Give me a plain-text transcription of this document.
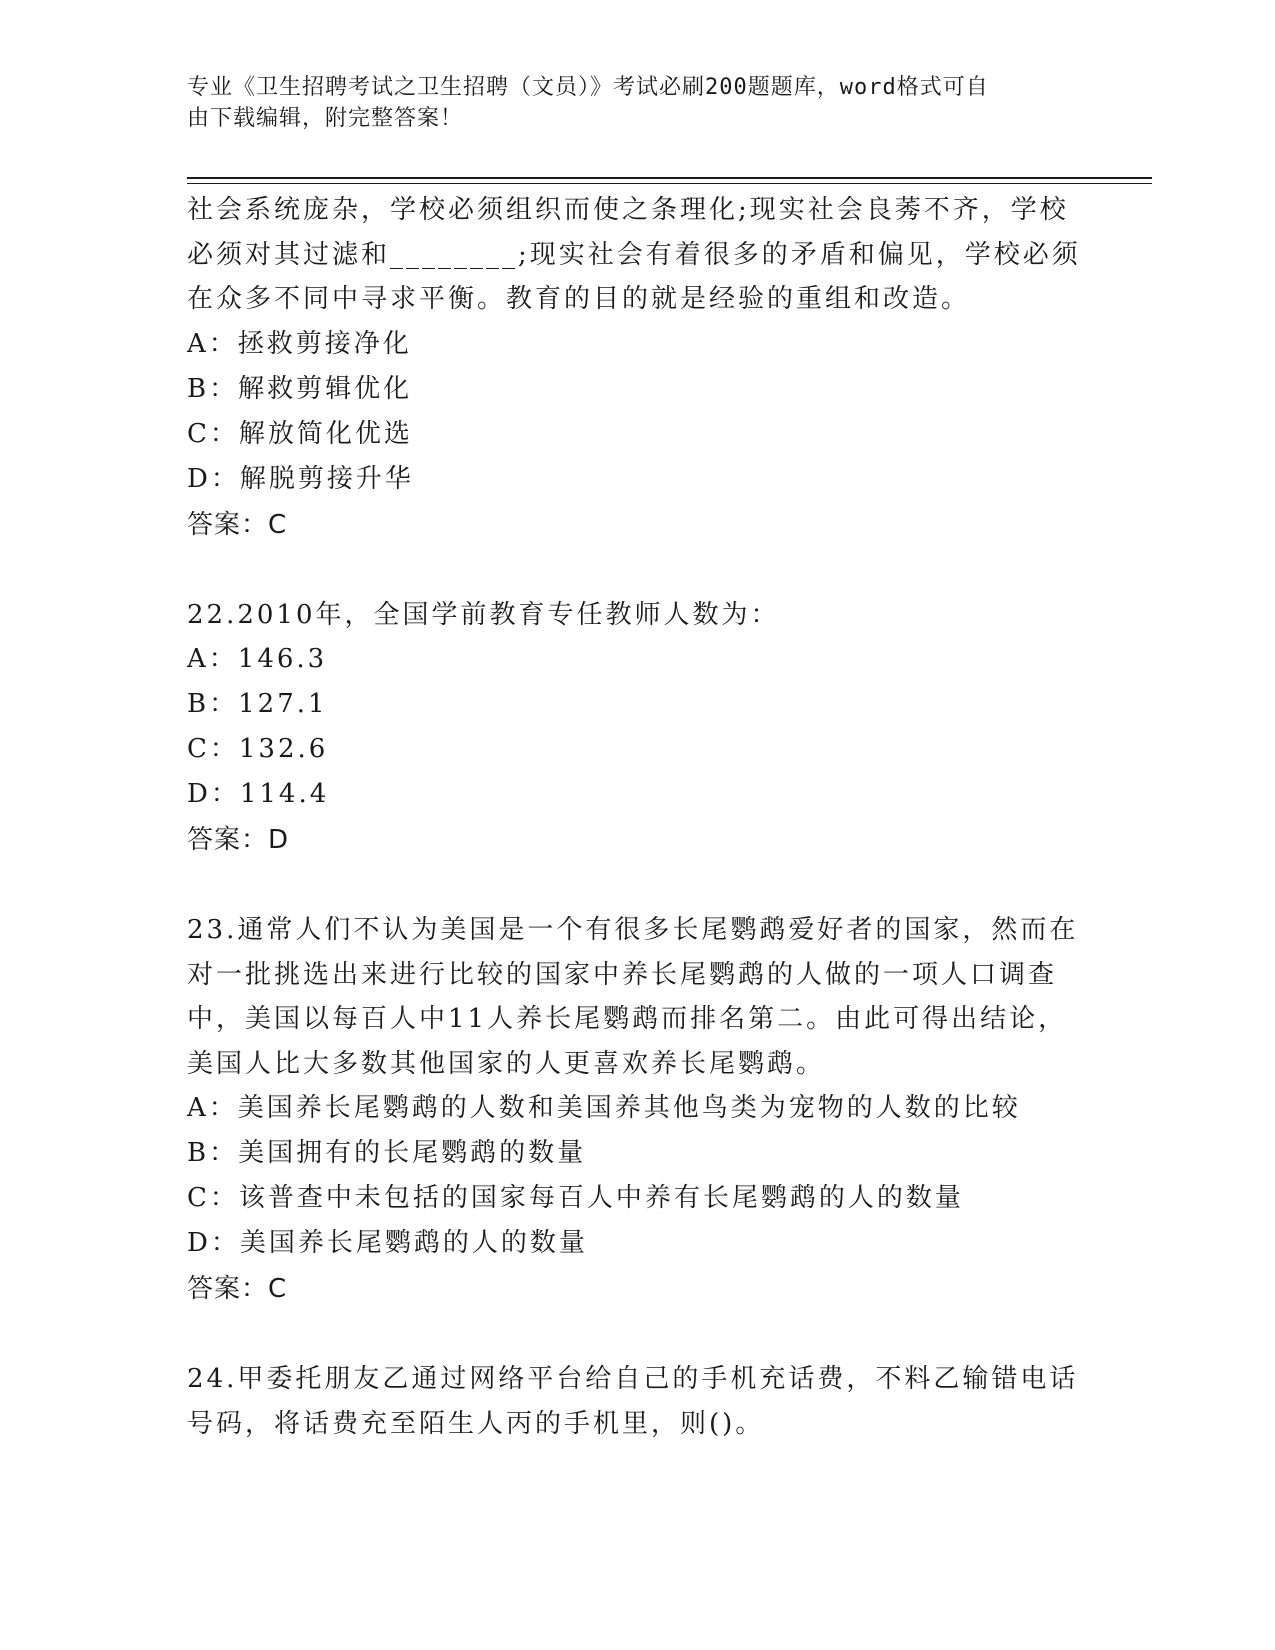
专业《卫生招聘考试之卫生招聘（文员）》考试必刷200题题库，word格式可自
由下载编辑，附完整答案！

社会系统庞杂，学校必须组织而使之条理化;现实社会良莠不齐，学校

必须对其过滤和________;现实社会有着很多的矛盾和偏见，学校必须

在众多不同中寻求平衡。教育的目的就是经验的重组和改造。

A：拯救剪接净化

B：解救剪辑优化

C：解放简化优选

D：解脱剪接升华

答案：C

22.2010年，全国学前教育专任教师人数为：

A：146.3

B：127.1

C：132.6

D：114.4

答案：D

23.通常人们不认为美国是一个有很多长尾鹦鹉爱好者的国家，然而在

对一批挑选出来进行比较的国家中养长尾鹦鹉的人做的一项人口调查

中，美国以每百人中11人养长尾鹦鹉而排名第二。由此可得出结论，

美国人比大多数其他国家的人更喜欢养长尾鹦鹉。

A：美国养长尾鹦鹉的人数和美国养其他鸟类为宠物的人数的比较

B：美国拥有的长尾鹦鹉的数量

C：该普查中未包括的国家每百人中养有长尾鹦鹉的人的数量

D：美国养长尾鹦鹉的人的数量

答案：C

24.甲委托朋友乙通过网络平台给自己的手机充话费，不料乙输错电话

号码，将话费充至陌生人丙的手机里，则()。
